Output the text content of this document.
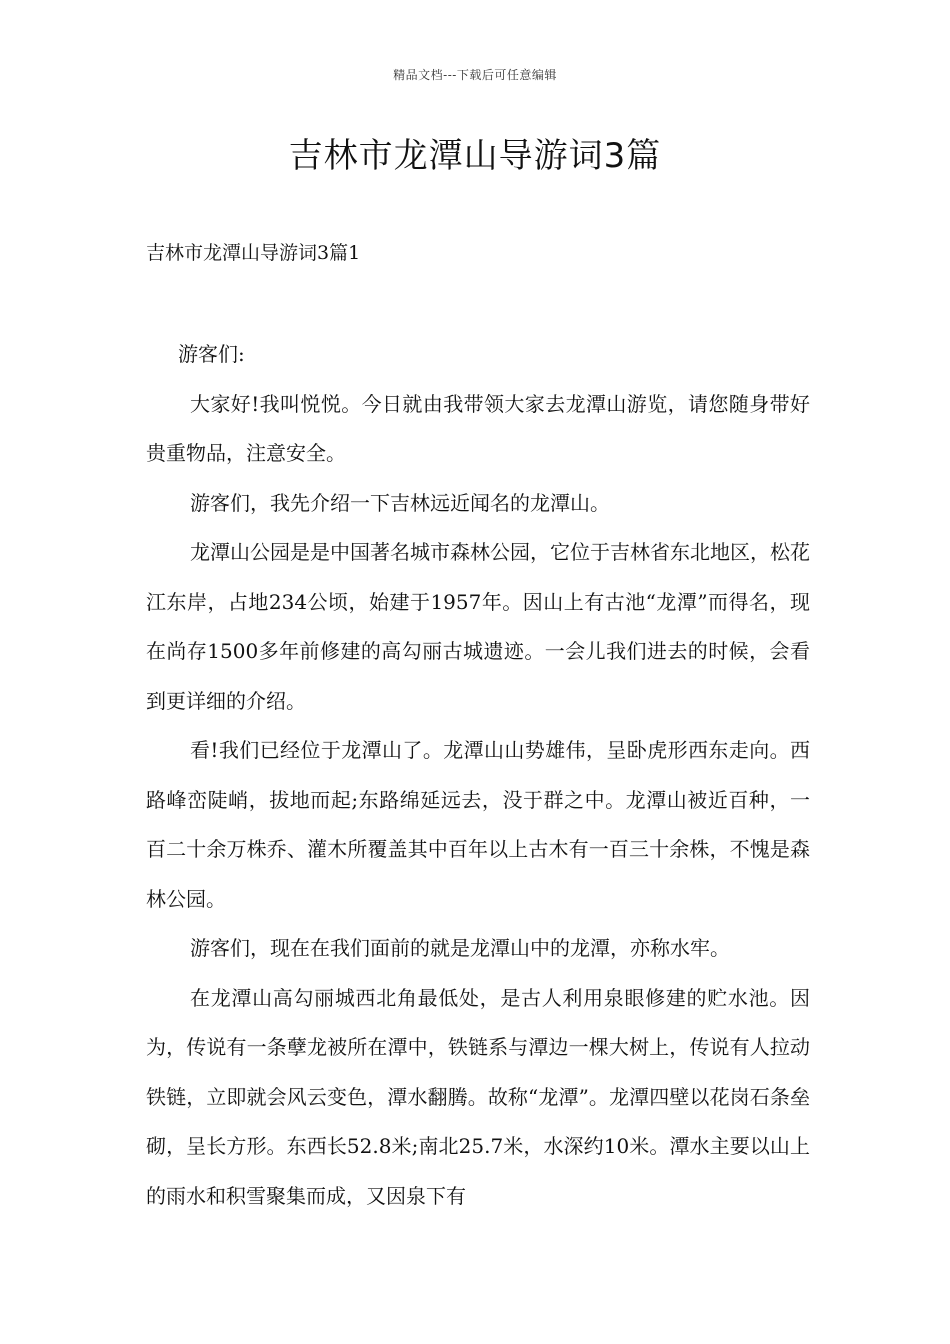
精品文档---下载后可任意编辑
吉林市龙潭山导游词3篇
吉林市龙潭山导游词3篇1

游客们:

大家好!我叫悦悦。今日就由我带领大家去龙潭山游览，请您随身带好贵重物品，注意安全。

游客们，我先介绍一下吉林远近闻名的龙潭山。

龙潭山公园是是中国著名城市森林公园，它位于吉林省东北地区，松花江东岸，占地234公顷，始建于1957年。因山上有古池“龙潭”而得名，现在尚存1500多年前修建的高勾丽古城遗迹。一会儿我们进去的时候，会看到更详细的介绍。

看!我们已经位于龙潭山了。龙潭山山势雄伟，呈卧虎形西东走向。西路峰峦陡峭，拔地而起;东路绵延远去，没于群之中。龙潭山被近百种，一百二十余万株乔、灌木所覆盖其中百年以上古木有一百三十余株，不愧是森林公园。

游客们，现在在我们面前的就是龙潭山中的龙潭，亦称水牢。

在龙潭山高勾丽城西北角最低处，是古人利用泉眼修建的贮水池。因为，传说有一条孽龙被所在潭中，铁链系与潭边一棵大树上，传说有人拉动铁链，立即就会风云变色，潭水翻腾。故称“龙潭”。龙潭四壁以花岗石条垒砌，呈长方形。东西长52.8米;南北25.7米，水深约10米。潭水主要以山上的雨水和积雪聚集而成，又因泉下有
